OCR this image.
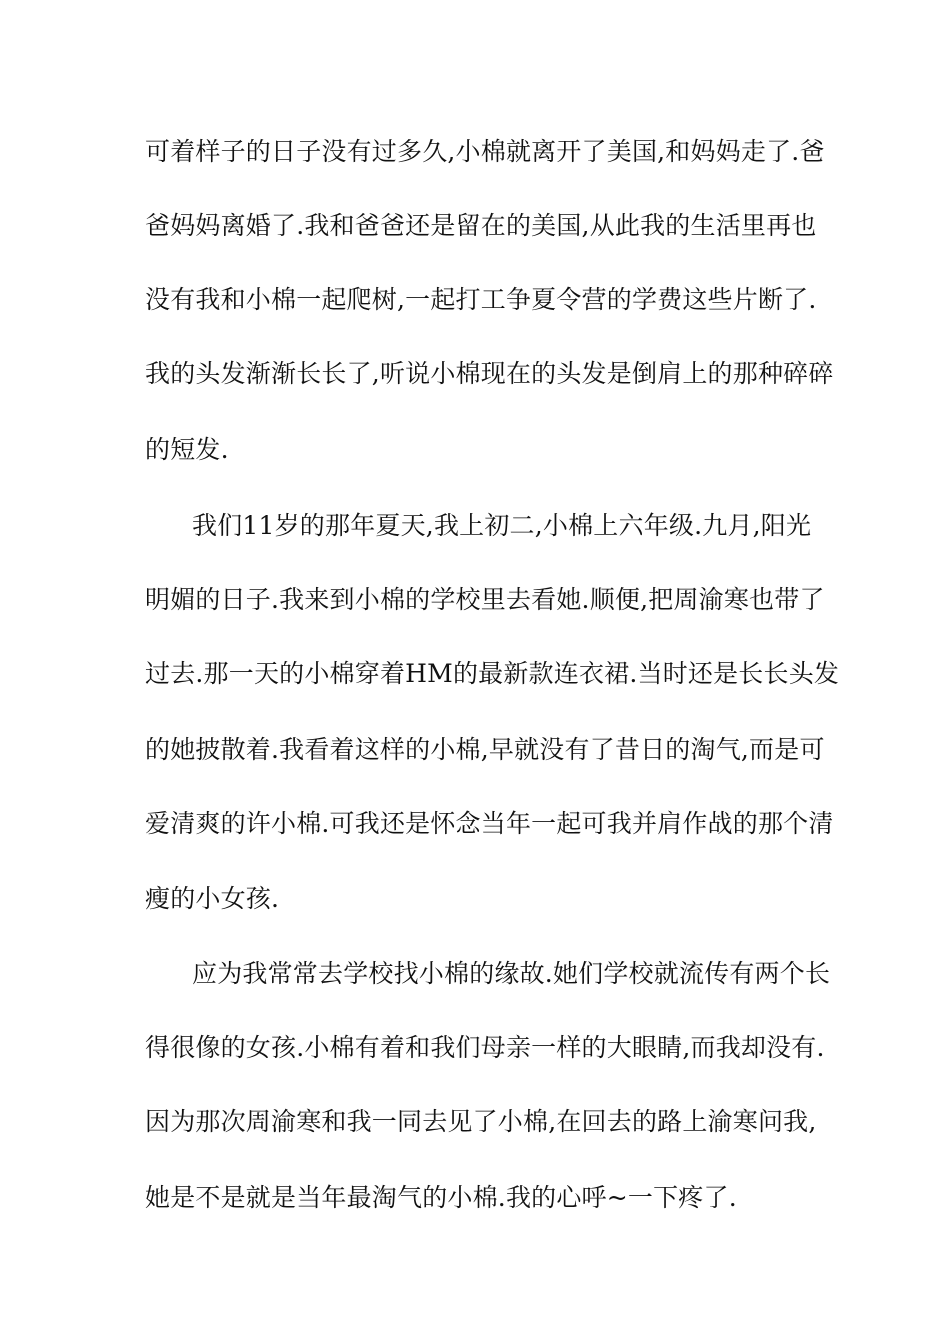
可着样子的日子没有过多久,小棉就离开了美国,和妈妈走了.爸
爸妈妈离婚了.我和爸爸还是留在的美国,从此我的生活里再也
没有我和小棉一起爬树,一起打工争夏令营的学费这些片断了.
我的头发渐渐长长了,听说小棉现在的头发是倒肩上的那种碎碎
的短发.
我们11岁的那年夏天,我上初二,小棉上六年级.九月,阳光
明媚的日子.我来到小棉的学校里去看她.顺便,把周渝寒也带了
过去.那一天的小棉穿着HM的最新款连衣裙.当时还是长长头发
的她披散着.我看着这样的小棉,早就没有了昔日的淘气,而是可
爱清爽的许小棉.可我还是怀念当年一起可我并肩作战的那个清
瘦的小女孩.
应为我常常去学校找小棉的缘故.她们学校就流传有两个长
得很像的女孩.小棉有着和我们母亲一样的大眼睛,而我却没有.
因为那次周渝寒和我一同去见了小棉,在回去的路上渝寒问我,
她是不是就是当年最淘气的小棉.我的心呼~一下疼了.
